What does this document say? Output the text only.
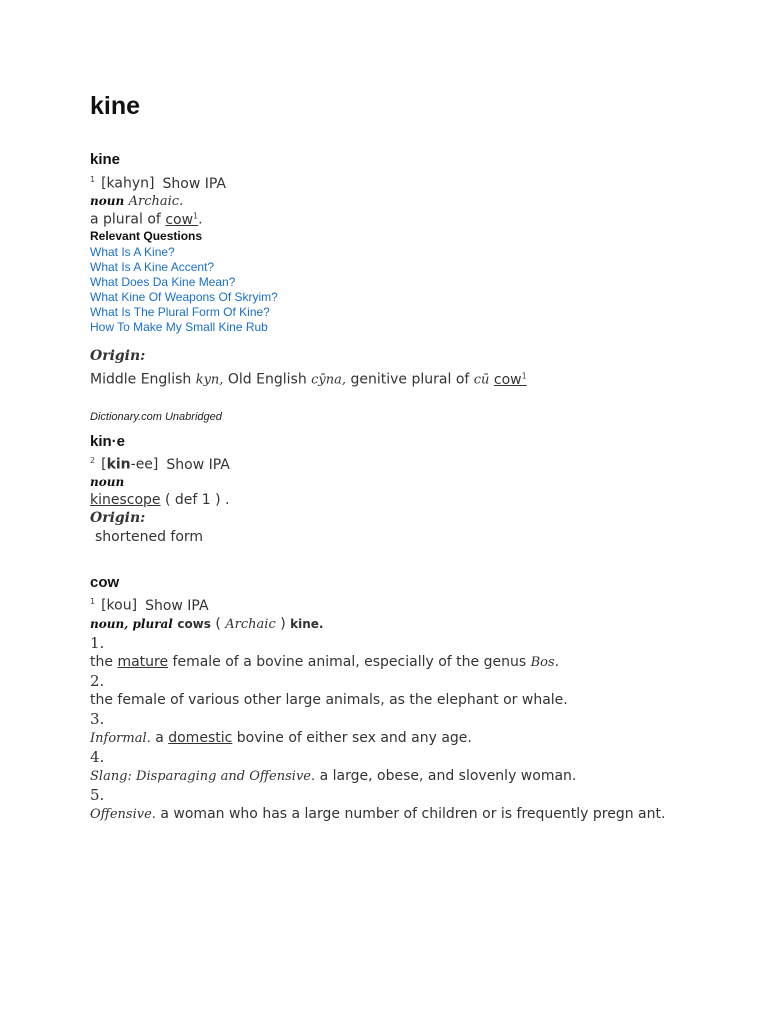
kine
kine
$^1$ [kahyn] Show IPA
noun Archaic.
a plural of cow$^1$.
Relevant Questions
What Is A Kine?
What Is A Kine Accent?
What Does Da Kine Mean?
What Kine Of Weapons Of Skryim?
What Is The Plural Form Of Kine?
How To Make My Small Kine Rub
Origin:
Middle English kyn, Old English cȳna, genitive plural of cū cow$^1$
Dictionary.com Unabridged
kin·e
$^2$ [kin-ee] Show IPA
noun
kinescope ( def 1 ) .
Origin:
shortened form
cow
$^1$ [kou] Show IPA
noun, plural cows ( Archaic ) kine.
1.
the mature female of a bovine animal, especially of the genus Bos.
2.
the female of various other large animals, as the elephant or whale.
3.
Informal. a domestic bovine of either sex and any age.
4.
Slang: Disparaging and Offensive. a large, obese, and slovenly woman.
5.
Offensive. a woman who has a large number of children or is frequently pregn ant.
